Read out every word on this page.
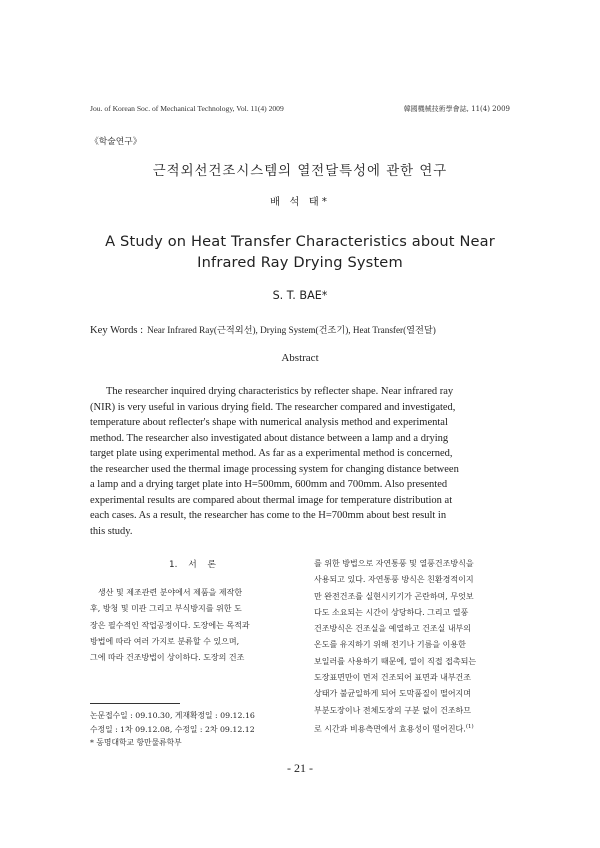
Jou. of Korean Soc. of Mechanical Technology, Vol. 11(4) 2009	韓國機械技術學會誌, 11(4) 2009
《학술연구》
근적외선건조시스템의 열전달특성에 관한 연구
배 석 태*
A Study on Heat Transfer Characteristics about Near
Infrared Ray Drying System
S. T. BAE*
Key Words : Near Infrared Ray(근적외선), Drying System(건조기), Heat Transfer(열전달)
Abstract
The researcher inquired drying characteristics by reflecter shape. Near infrared ray
(NIR) is very useful in various drying field. The researcher compared and investigated,
temperature about reflecter's shape with numerical analysis method and experimental
method. The researcher also investigated about distance between a lamp and a drying
target plate using experimental method. As far as a experimental method is concerned,
the researcher used the thermal image processing system for changing distance between
a lamp and a drying target plate into H=500mm, 600mm and 700mm. Also presented
experimental results are compared about thermal image for temperature distribution at
each cases. As a result, the researcher has come to the H=700mm about best result in
this study.
1. 서 론
생산 및 제조관련 분야에서 제품을 제작한
후, 방청 및 미관 그리고 부식방지를 위한 도
장은 필수적인 작업공정이다. 도장에는 목적과
방법에 따라 여러 가지로 분류할 수 있으며,
그에 따라 건조방법이 상이하다. 도장의 건조
를 위한 방법으로 자연통풍 및 열풍건조방식을
사용되고 있다. 자연통풍 방식은 친환경적이지
만 완전건조를 실현시키기가 곤란하며, 무엇보
다도 소요되는 시간이 상당하다. 그리고 열풍
건조방식은 건조실을 예열하고 건조실 내부의
온도를 유지하기 위해 전기나 기름을 이용한
보일러를 사용하기 때문에, 열이 직접 접촉되는
도장표면만이 먼저 건조되어 표면과 내부건조
상태가 불균일하게 되어 도막품질이 떨어지며
부분도장이나 전체도장의 구분 없이 건조하므
로 시간과 비용측면에서 효용성이 떨어진다.$^{(1)}$
논문접수일 : 09.10.30, 게재확정일 : 09.12.16
수정일 : 1차 09.12.08, 수정일 : 2차 09.12.12
* 동명대학교 항만물류학부
- 21 -
